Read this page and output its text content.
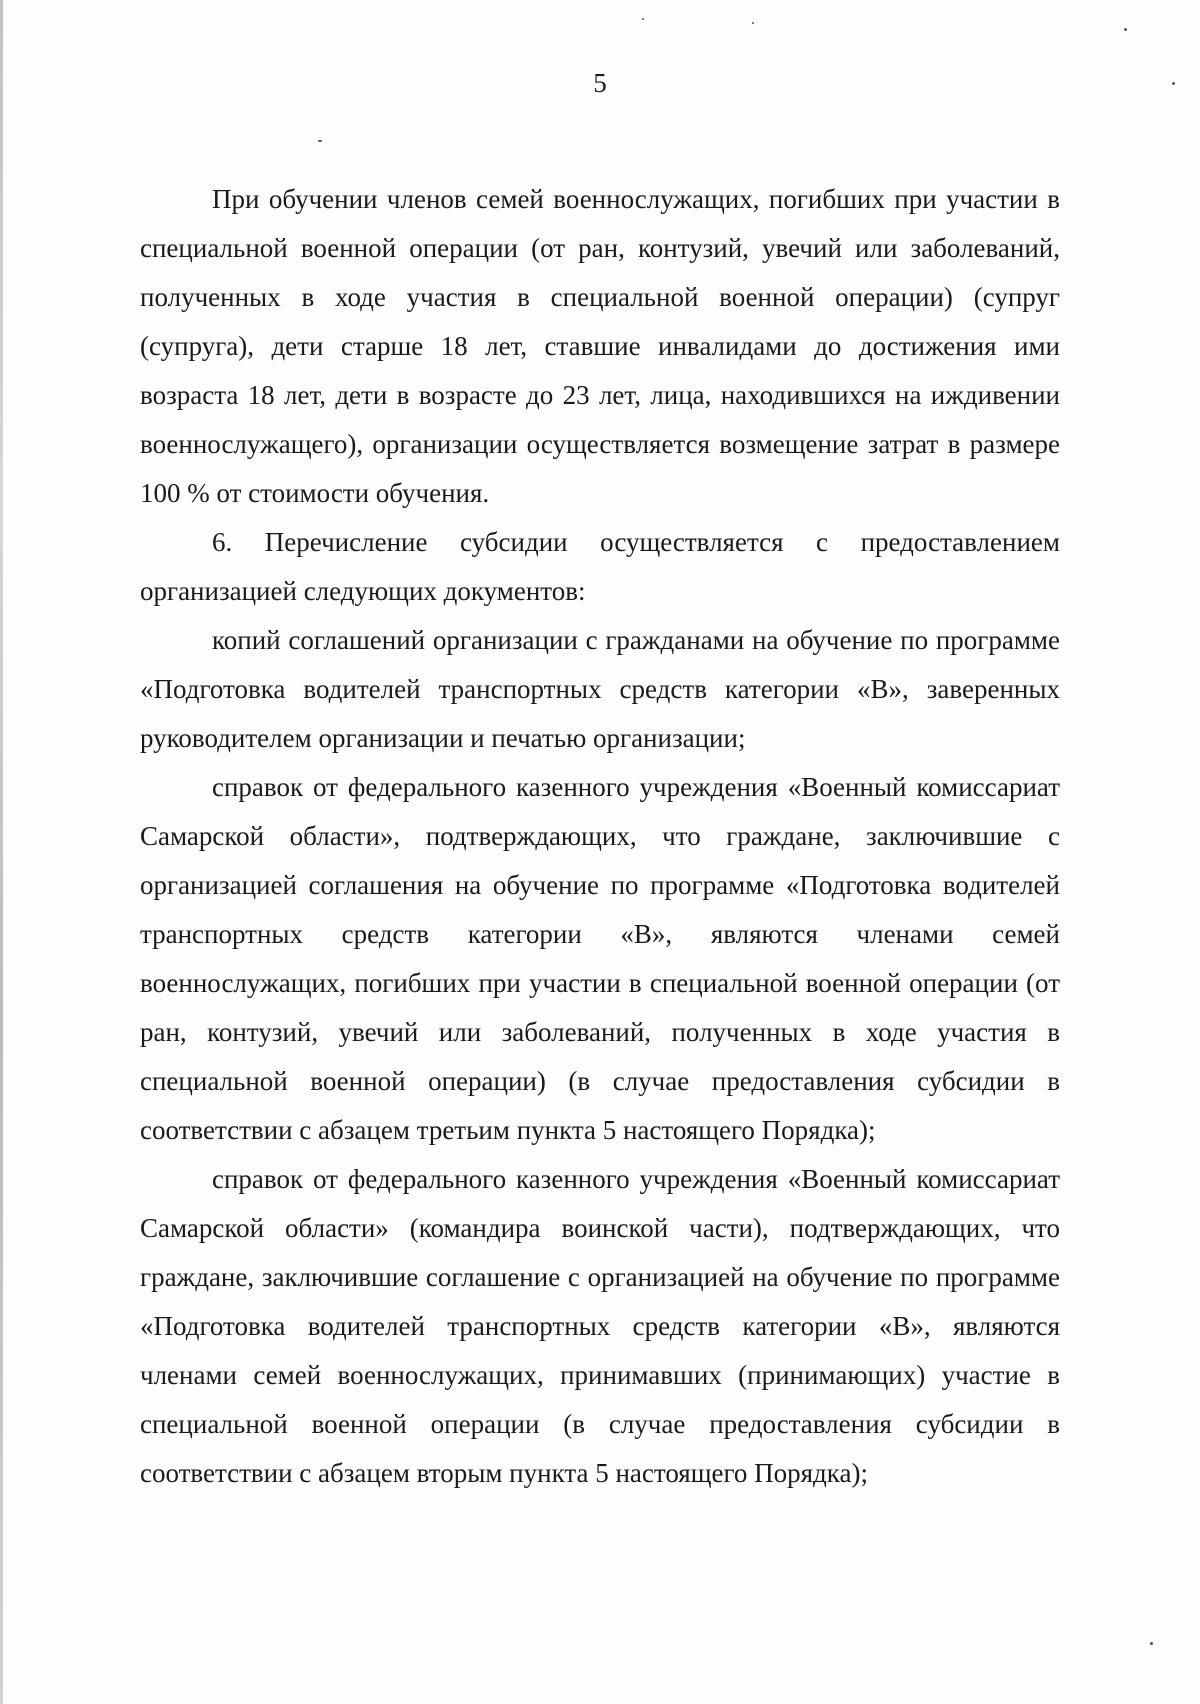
5

При обучении членов семей военнослужащих, погибших при участии в специальной военной операции (от ран, контузий, увечий или заболеваний, полученных в ходе участия в специальной военной операции) (супруг (супруга), дети старше 18 лет, ставшие инвалидами до достижения ими возраста 18 лет, дети в возрасте до 23 лет, лица, находившихся на иждивении военнослужащего), организации осуществляется возмещение затрат в размере 100 % от стоимости обучения.

6. Перечисление субсидии осуществляется с предоставлением организацией следующих документов:

копий соглашений организации с гражданами на обучение по программе «Подготовка водителей транспортных средств категории «В», заверенных руководителем организации и печатью организации;

справок от федерального казенного учреждения «Военный комиссариат Самарской области», подтверждающих, что граждане, заключившие с организацией соглашения на обучение по программе «Подготовка водителей транспортных средств категории «В», являются членами семей военнослужащих, погибших при участии в специальной военной операции (от ран, контузий, увечий или заболеваний, полученных в ходе участия в специальной военной операции) (в случае предоставления субсидии в соответствии с абзацем третьим пункта 5 настоящего Порядка);

справок от федерального казенного учреждения «Военный комиссариат Самарской области» (командира воинской части), подтверждающих, что граждане, заключившие соглашение с организацией на обучение по программе «Подготовка водителей транспортных средств категории «В», являются членами семей военнослужащих, принимавших (принимающих) участие в специальной военной операции (в случае предоставления субсидии в соответствии с абзацем вторым пункта 5 настоящего Порядка);
